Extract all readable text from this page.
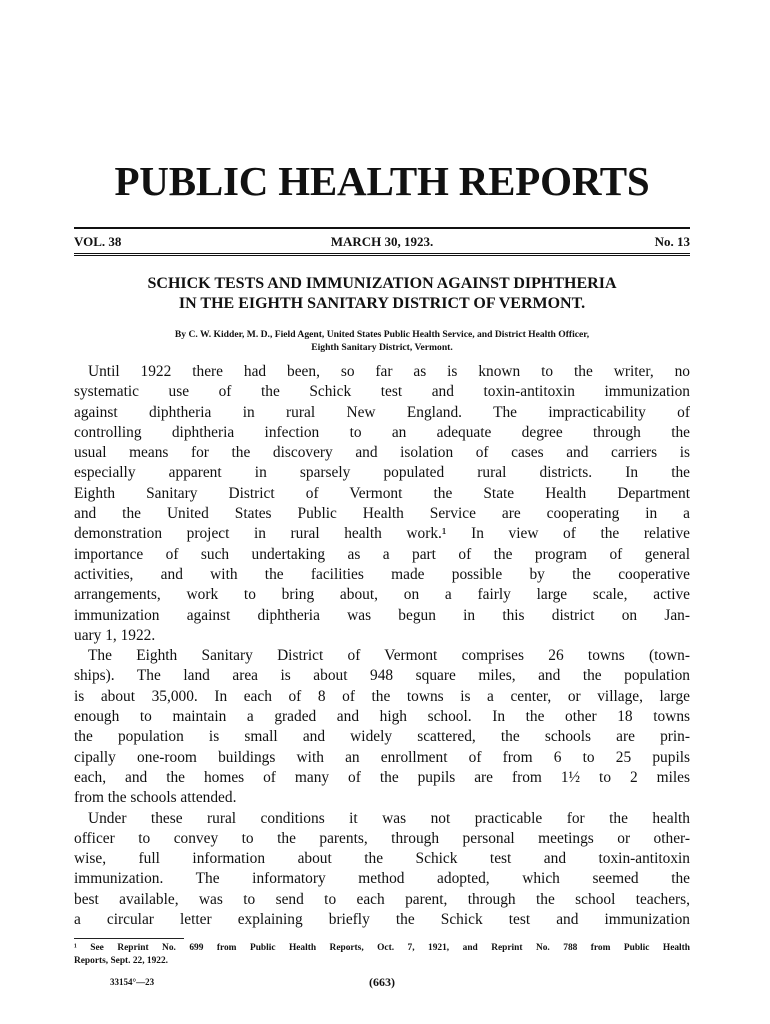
PUBLIC HEALTH REPORTS
VOL. 38	MARCH 30, 1923.	No. 13
SCHICK TESTS AND IMMUNIZATION AGAINST DIPHTHERIA
IN THE EIGHTH SANITARY DISTRICT OF VERMONT.
By C. W. Kidder, M. D., Field Agent, United States Public Health Service, and District Health Officer,
Eighth Sanitary District, Vermont.
Until 1922 there had been, so far as is known to the writer, no
systematic use of the Schick test and toxin-antitoxin immunization
against diphtheria in rural New England. The impracticability of
controlling diphtheria infection to an adequate degree through the
usual means for the discovery and isolation of cases and carriers is
especially apparent in sparsely populated rural districts. In the
Eighth Sanitary District of Vermont the State Health Department
and the United States Public Health Service are cooperating in a
demonstration project in rural health work.¹ In view of the relative
importance of such undertaking as a part of the program of general
activities, and with the facilities made possible by the cooperative
arrangements, work to bring about, on a fairly large scale, active
immunization against diphtheria was begun in this district on Jan-
uary 1, 1922.
The Eighth Sanitary District of Vermont comprises 26 towns (town-
ships). The land area is about 948 square miles, and the population
is about 35,000. In each of 8 of the towns is a center, or village, large
enough to maintain a graded and high school. In the other 18 towns
the population is small and widely scattered, the schools are prin-
cipally one-room buildings with an enrollment of from 6 to 25 pupils
each, and the homes of many of the pupils are from 1½ to 2 miles
from the schools attended.
Under these rural conditions it was not practicable for the health
officer to convey to the parents, through personal meetings or other-
wise, full information about the Schick test and toxin-antitoxin
immunization. The informatory method adopted, which seemed the
best available, was to send to each parent, through the school teachers,
a circular letter explaining briefly the Schick test and immunization
¹ See Reprint No. 699 from Public Health Reports, Oct. 7, 1921, and Reprint No. 788 from Public Health
Reports, Sept. 22, 1922.
33154°—23	(663)
